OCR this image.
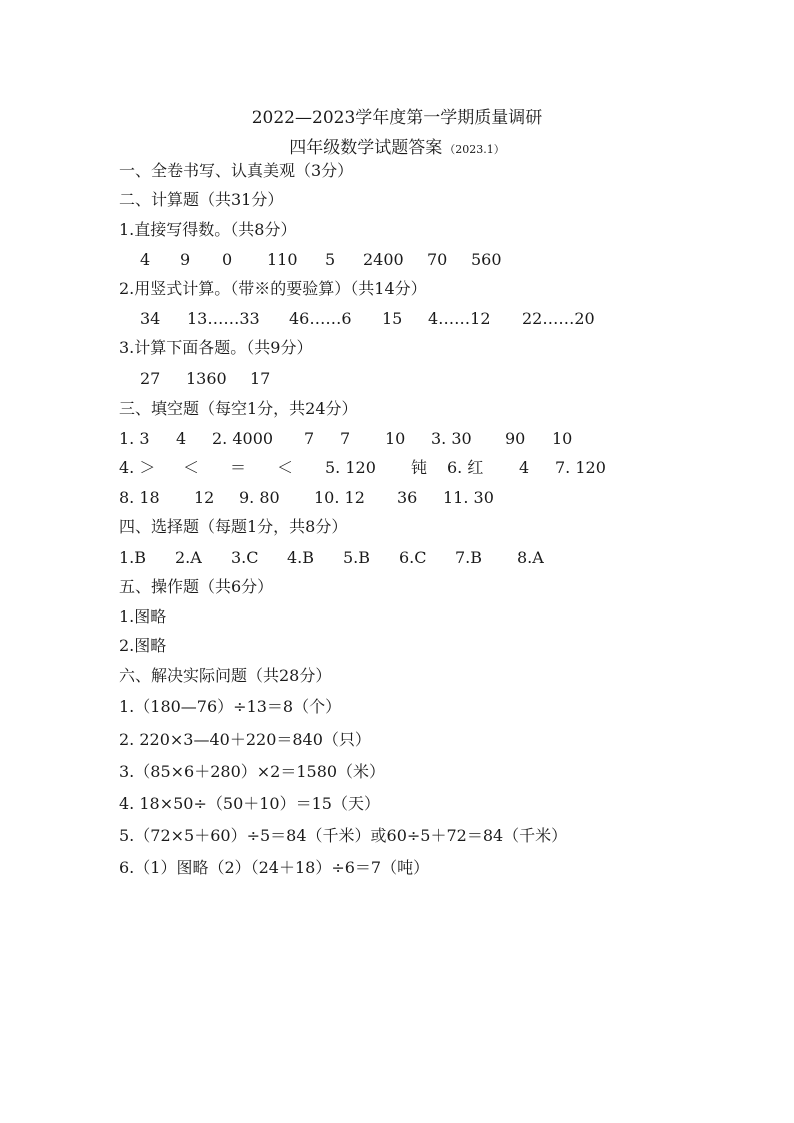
2022—2023学年度第一学期质量调研
四年级数学试题答案 （2023.1）
一、全卷书写、认真美观（3分）
二、计算题（共31分）
1.直接写得数。（共8分）
4	9	0	110	5	2400	70	560
2.用竖式计算。（带※的要验算）（共14分）
34	13……33	46……6	15	4……12	22……20
3.计算下面各题。（共9分）
27	1360	17
三、填空题（每空1分，共24分）
1. 3	4	2. 4000	7	7	10	3. 30	90	10
4. ＞	＜	＝	＜	5. 120	钝	6. 红	4	7. 120
8. 18	12	9. 80	10. 12	36	11. 30
四、选择题（每题1分，共8分）
1.B	2.A	3.C	4.B	5.B	6.C	7.B	8.A
五、操作题（共6分）
1.图略
2.图略
六、解决实际问题（共28分）
1.（180—76）÷13＝8（个）
2. 220×3—40＋220＝840（只）
3.（85×6＋280）×2＝1580（米）
4. 18×50÷（50＋10）＝15（天）
5.（72×5＋60）÷5＝84（千米）或60÷5＋72＝84（千米）
6.（1）图略（2）（24＋18）÷6＝7（吨）
